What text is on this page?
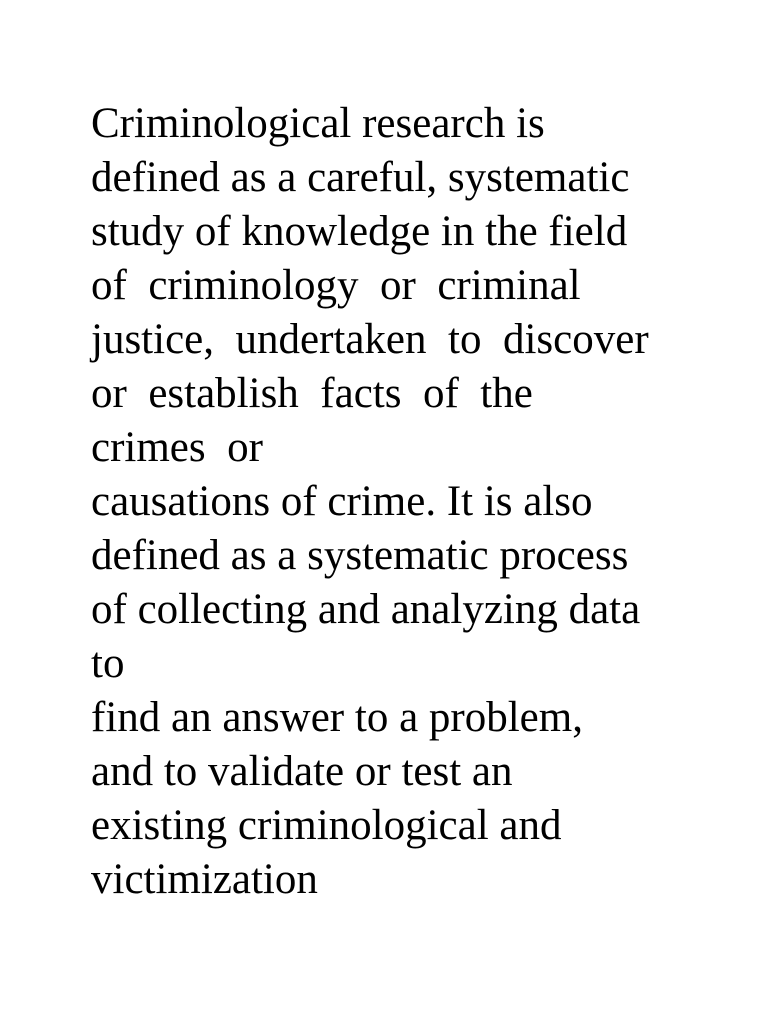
Criminological research is
defined as a careful, systematic
study of knowledge in the field
of  criminology  or  criminal
justice,  undertaken  to  discover
or  establish  facts  of  the
crimes  or
causations of crime. It is also
defined as a systematic process
of collecting and analyzing data
to
find an answer to a problem,
and to validate or test an
existing criminological and
victimization
